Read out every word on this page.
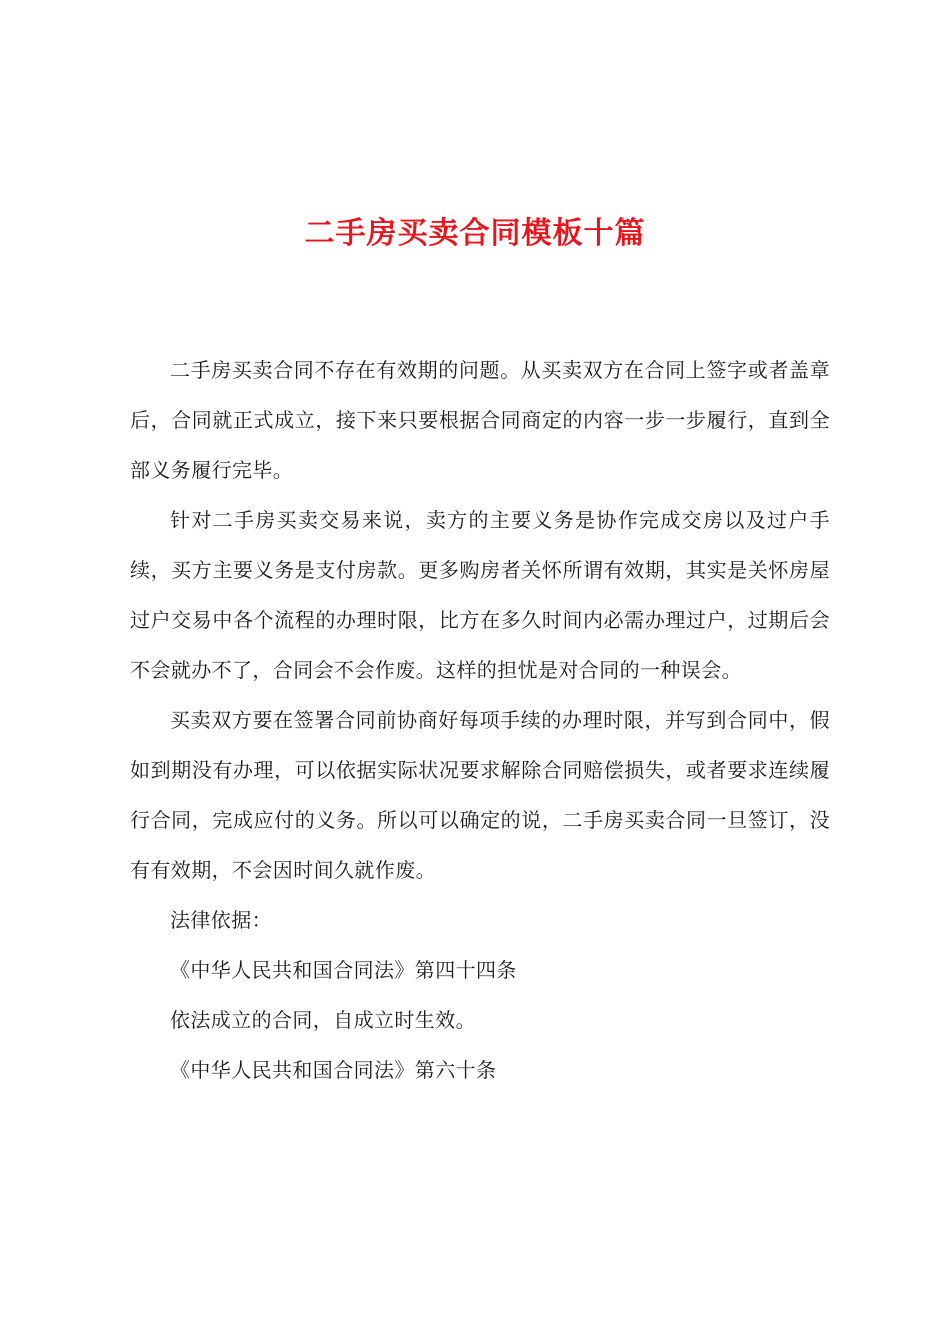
二手房买卖合同模板十篇

二手房买卖合同不存在有效期的问题。从买卖双方在合同上签字或者盖章后，合同就正式成立，接下来只要根据合同商定的内容一步一步履行，直到全部义务履行完毕。

针对二手房买卖交易来说，卖方的主要义务是协作完成交房以及过户手续，买方主要义务是支付房款。更多购房者关怀所谓有效期，其实是关怀房屋过户交易中各个流程的办理时限，比方在多久时间内必需办理过户，过期后会不会就办不了，合同会不会作废。这样的担忧是对合同的一种误会。

买卖双方要在签署合同前协商好每项手续的办理时限，并写到合同中，假如到期没有办理，可以依据实际状况要求解除合同赔偿损失，或者要求连续履行合同，完成应付的义务。所以可以确定的说，二手房买卖合同一旦签订，没有有效期，不会因时间久就作废。

法律依据：

《中华人民共和国合同法》第四十四条

依法成立的合同，自成立时生效。

《中华人民共和国合同法》第六十条
